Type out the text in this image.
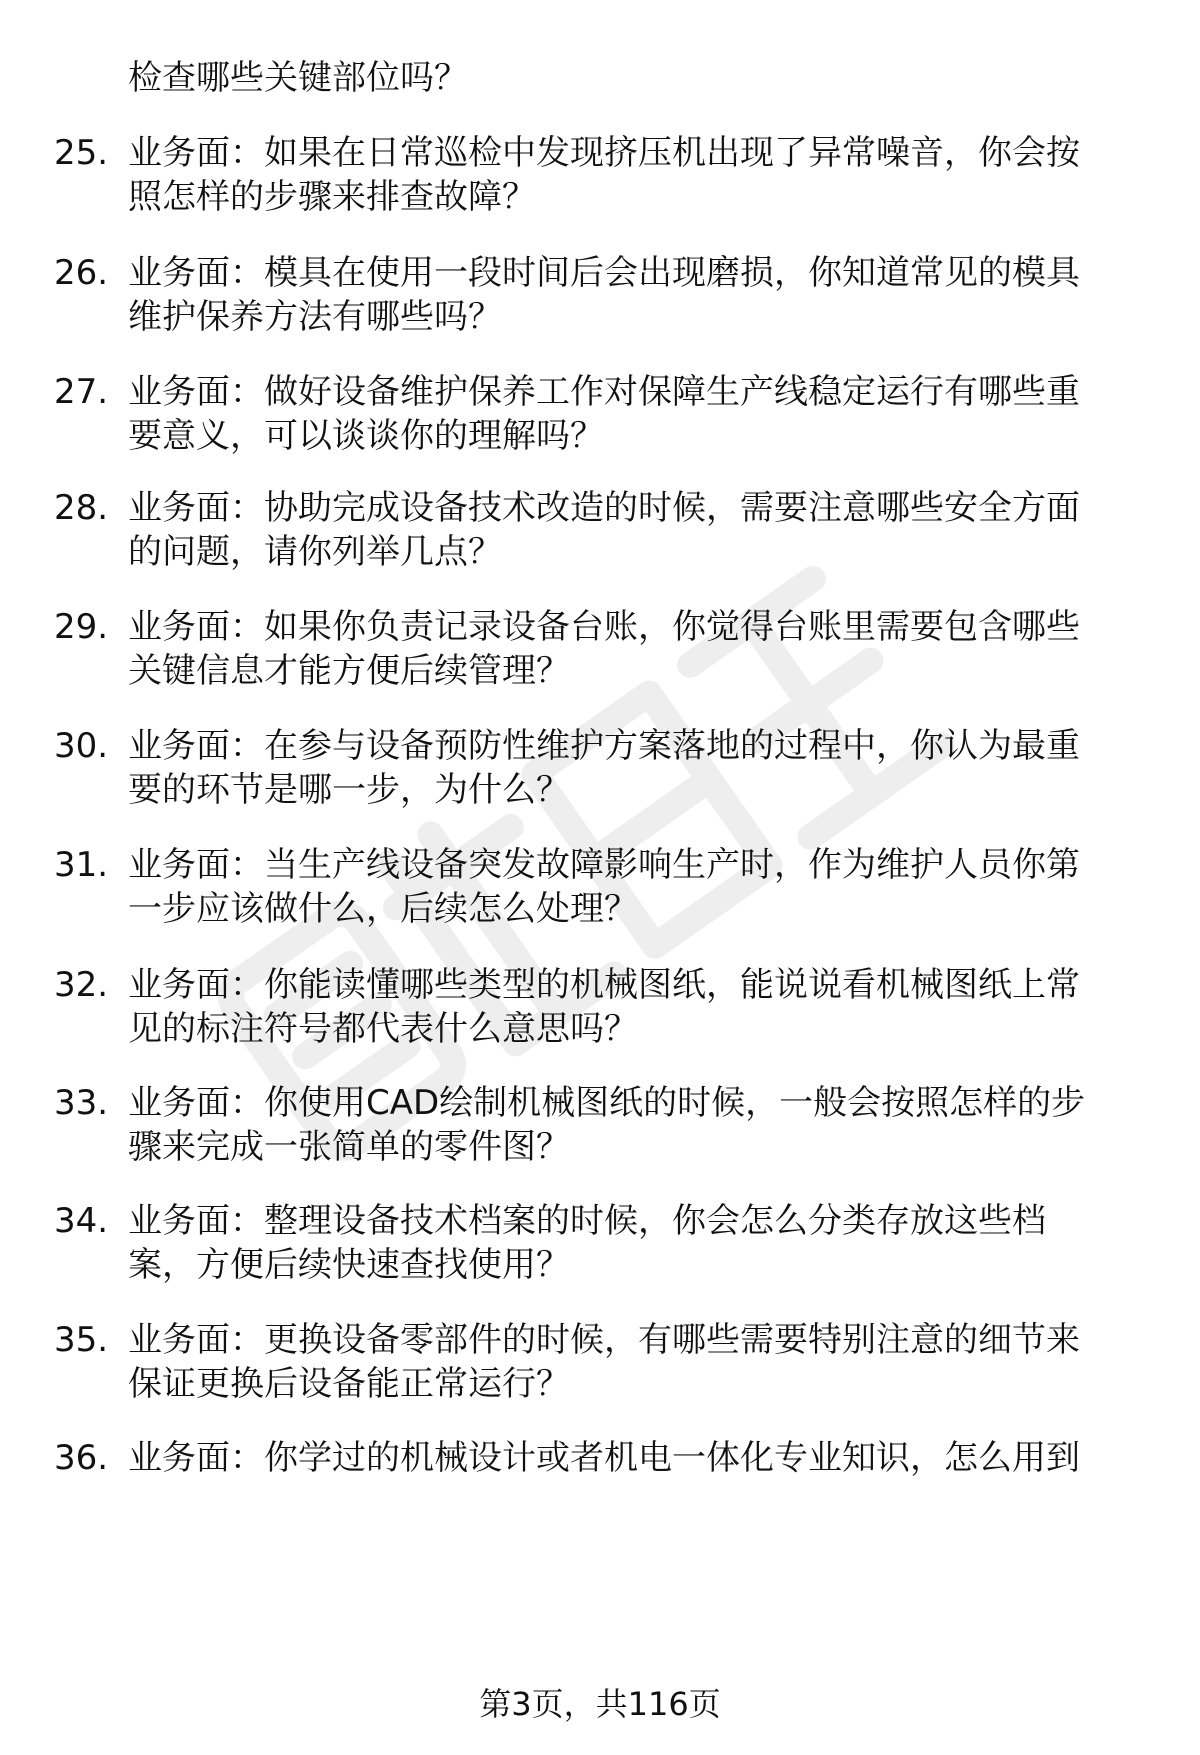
检查哪些关键部位吗？
25. 业务面：如果在日常巡检中发现挤压机出现了异常噪音，你会按
照怎样的步骤来排查故障？
26. 业务面：模具在使用一段时间后会出现磨损，你知道常见的模具
维护保养方法有哪些吗？
27. 业务面：做好设备维护保养工作对保障生产线稳定运行有哪些重
要意义，可以谈谈你的理解吗？
28. 业务面：协助完成设备技术改造的时候，需要注意哪些安全方面
的问题，请你列举几点？
29. 业务面：如果你负责记录设备台账，你觉得台账里需要包含哪些
关键信息才能方便后续管理？
30. 业务面：在参与设备预防性维护方案落地的过程中，你认为最重
要的环节是哪一步，为什么？
31. 业务面：当生产线设备突发故障影响生产时，作为维护人员你第
一步应该做什么，后续怎么处理？
32. 业务面：你能读懂哪些类型的机械图纸，能说说看机械图纸上常
见的标注符号都代表什么意思吗？
33. 业务面：你使用CAD绘制机械图纸的时候，一般会按照怎样的步
骤来完成一张简单的零件图？
34. 业务面：整理设备技术档案的时候，你会怎么分类存放这些档
案，方便后续快速查找使用？
35. 业务面：更换设备零部件的时候，有哪些需要特别注意的细节来
保证更换后设备能正常运行？
36. 业务面：你学过的机械设计或者机电一体化专业知识，怎么用到
第3页，共116页
